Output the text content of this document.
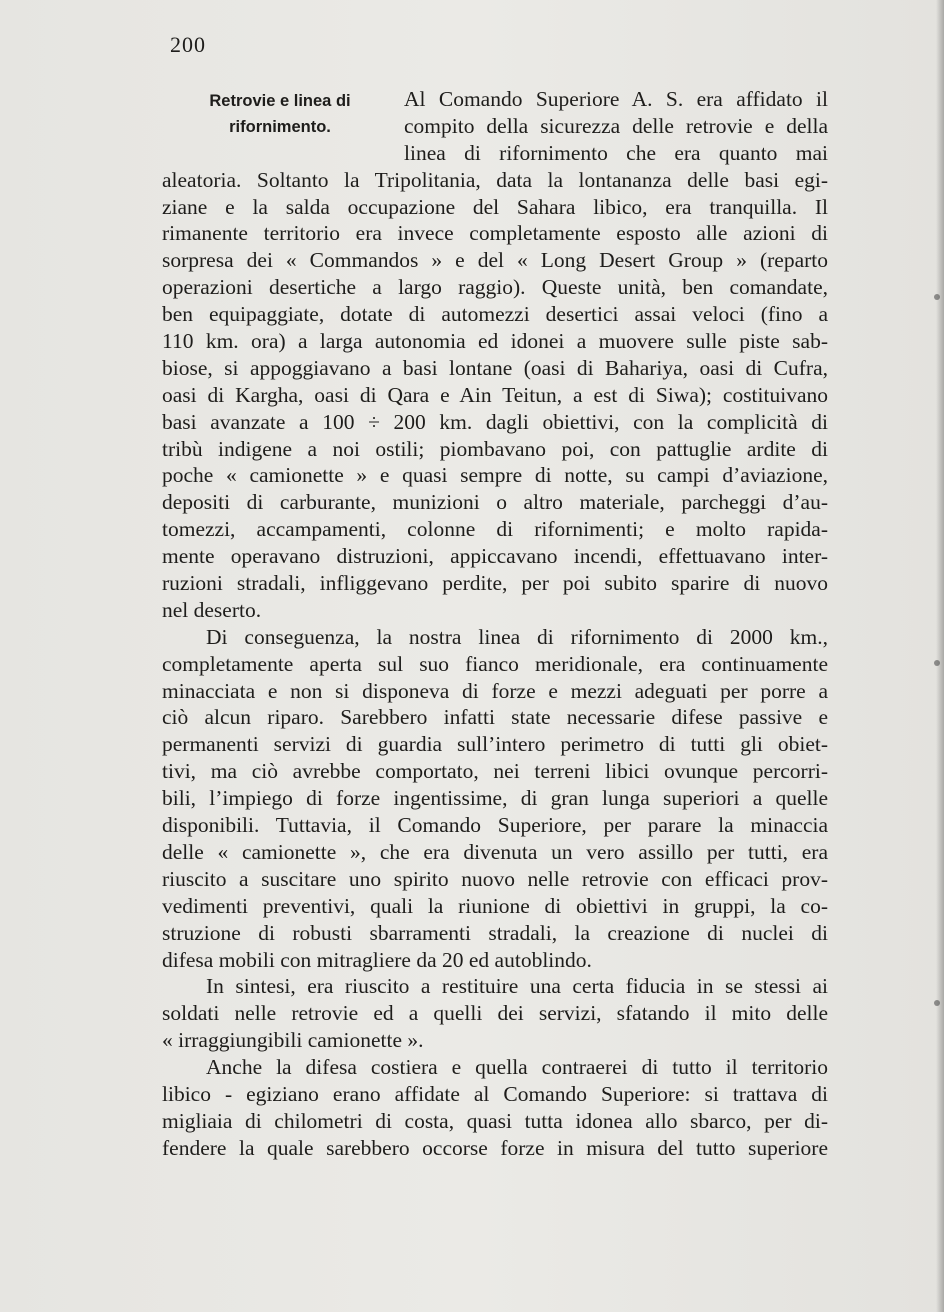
200
Retrovie e linea di
rifornimento.
Al Comando Superiore A. S. era affidato il
compito della sicurezza delle retrovie e della
linea di rifornimento che era quanto mai
aleatoria. Soltanto la Tripolitania, data la lontananza delle basi egi-
ziane e la salda occupazione del Sahara libico, era tranquilla. Il
rimanente territorio era invece completamente esposto alle azioni di
sorpresa dei « Commandos » e del « Long Desert Group » (reparto
operazioni desertiche a largo raggio). Queste unità, ben comandate,
ben equipaggiate, dotate di automezzi desertici assai veloci (fino a
110 km. ora) a larga autonomia ed idonei a muovere sulle piste sab-
biose, si appoggiavano a basi lontane (oasi di Bahariya, oasi di Cufra,
oasi di Kargha, oasi di Qara e Ain Teitun, a est di Siwa); costituivano
basi avanzate a 100 ÷ 200 km. dagli obiettivi, con la complicità di
tribù indigene a noi ostili; piombavano poi, con pattuglie ardite di
poche « camionette » e quasi sempre di notte, su campi d’aviazione,
depositi di carburante, munizioni o altro materiale, parcheggi d’au-
tomezzi, accampamenti, colonne di rifornimenti; e molto rapida-
mente operavano distruzioni, appiccavano incendi, effettuavano inter-
ruzioni stradali, infliggevano perdite, per poi subito sparire di nuovo
nel deserto.
Di conseguenza, la nostra linea di rifornimento di 2000 km.,
completamente aperta sul suo fianco meridionale, era continuamente
minacciata e non si disponeva di forze e mezzi adeguati per porre a
ciò alcun riparo. Sarebbero infatti state necessarie difese passive e
permanenti servizi di guardia sull’intero perimetro di tutti gli obiet-
tivi, ma ciò avrebbe comportato, nei terreni libici ovunque percorri-
bili, l’impiego di forze ingentissime, di gran lunga superiori a quelle
disponibili. Tuttavia, il Comando Superiore, per parare la minaccia
delle « camionette », che era divenuta un vero assillo per tutti, era
riuscito a suscitare uno spirito nuovo nelle retrovie con efficaci prov-
vedimenti preventivi, quali la riunione di obiettivi in gruppi, la co-
struzione di robusti sbarramenti stradali, la creazione di nuclei di
difesa mobili con mitragliere da 20 ed autoblindo.
In sintesi, era riuscito a restituire una certa fiducia in se stessi ai
soldati nelle retrovie ed a quelli dei servizi, sfatando il mito delle
« irraggiungibili camionette ».
Anche la difesa costiera e quella contraerei di tutto il territorio
libico - egiziano erano affidate al Comando Superiore: si trattava di
migliaia di chilometri di costa, quasi tutta idonea allo sbarco, per di-
fendere la quale sarebbero occorse forze in misura del tutto superiore
